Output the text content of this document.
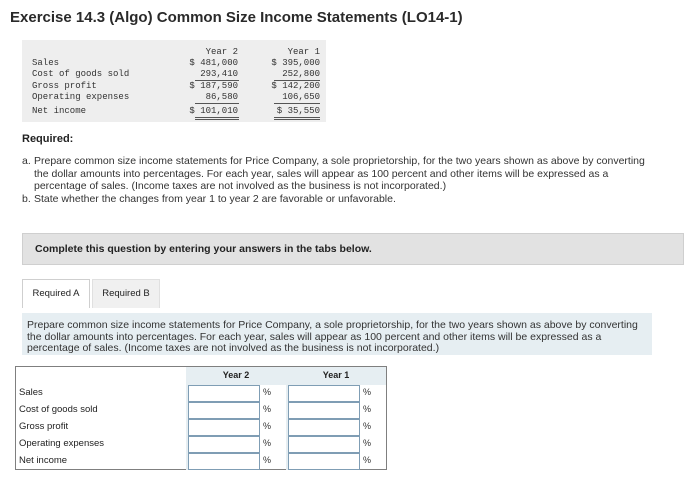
Exercise 14.3 (Algo) Common Size Income Statements (LO14-1)
Year 2	Year 1
Sales	$ 481,000	$ 395,000
Cost of goods sold	293,410	252,800
Gross profit	$ 187,590	$ 142,200
Operating expenses	86,580	106,650
Net income	$ 101,010	$ 35,550
Required:
a. Prepare common size income statements for Price Company, a sole proprietorship, for the two years shown as above by converting the dollar amounts into percentages. For each year, sales will appear as 100 percent and other items will be expressed as a percentage of sales. (Income taxes are not involved as the business is not incorporated.)
b. State whether the changes from year 1 to year 2 are favorable or unfavorable.
Complete this question by entering your answers in the tabs below.
Required A	Required B
Prepare common size income statements for Price Company, a sole proprietorship, for the two years shown as above by converting the dollar amounts into percentages. For each year, sales will appear as 100 percent and other items will be expressed as a percentage of sales. (Income taxes are not involved as the business is not incorporated.)
Year 2	Year 1
Sales	%	%
Cost of goods sold	%	%
Gross profit	%	%
Operating expenses	%	%
Net income	%	%
